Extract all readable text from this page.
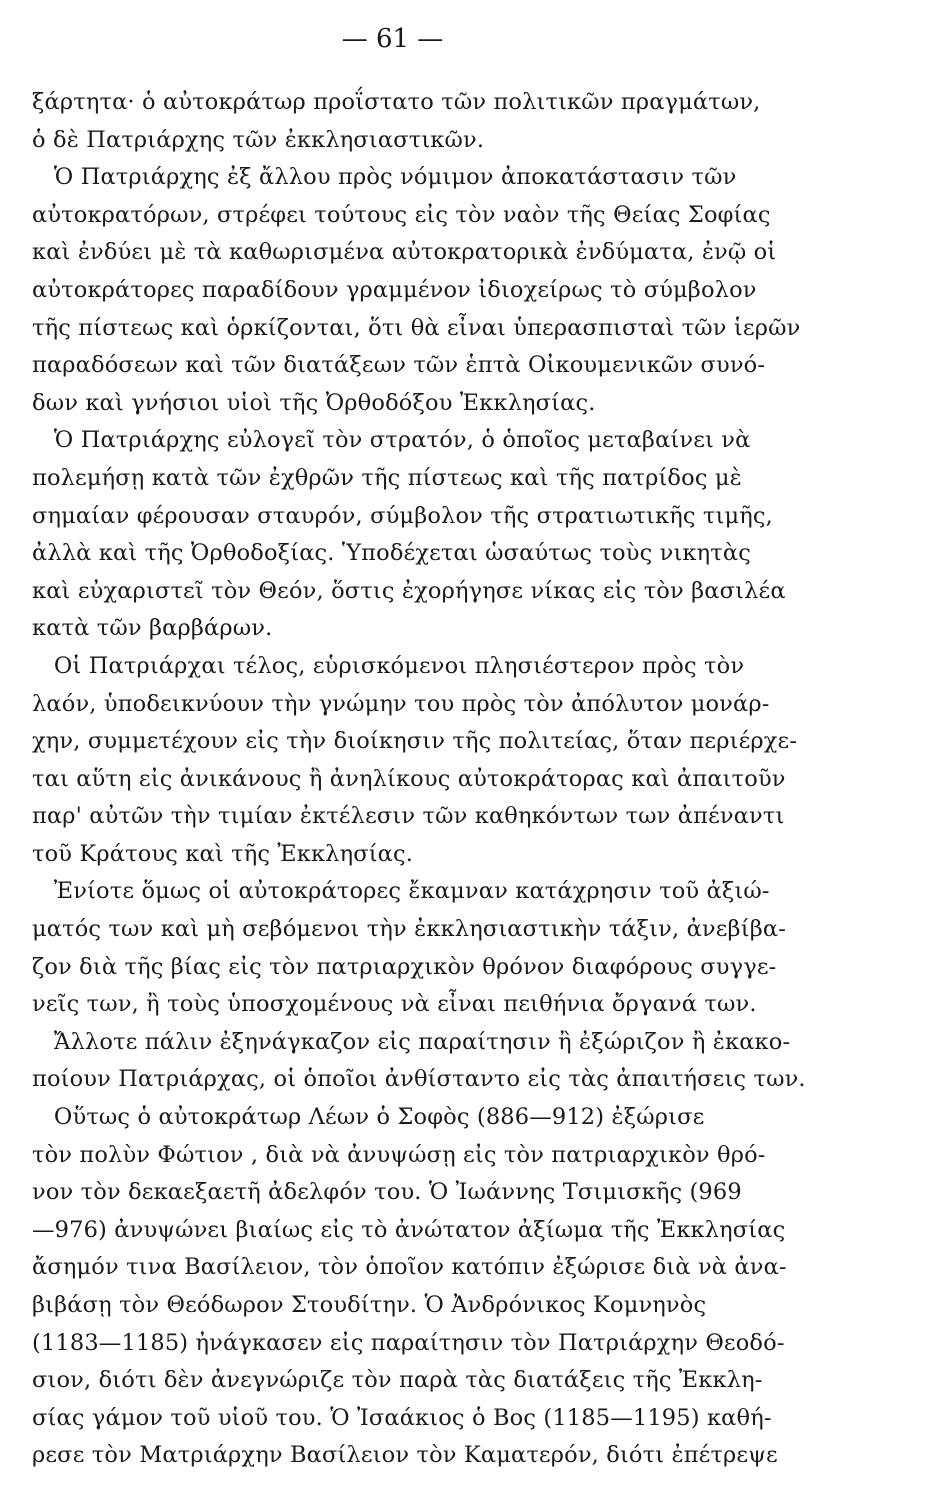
— 61 —
ξάρτητα· ὁ αὐτοκράτωρ προΐστατο τῶν πολιτικῶν πραγμάτων,
ὁ δὲ Πατριάρχης τῶν ἐκκλησιαστικῶν.
Ὁ Πατριάρχης ἐξ ἄλλου πρὸς νόμιμον ἀποκατάστασιν τῶν
αὐτοκρατόρων, στρέφει τούτους εἰς τὸν ναὸν τῆς Θείας Σοφίας
καὶ ἐνδύει μὲ τὰ καθωρισμένα αὐτοκρατορικὰ ἐνδύματα, ἐνῷ οἱ
αὐτοκράτορες παραδίδουν γραμμένον ἰδιοχείρως τὸ σύμβολον
τῆς πίστεως καὶ ὁρκίζονται, ὅτι θὰ εἶναι ὑπερασπισταὶ τῶν ἱερῶν
παραδόσεων καὶ τῶν διατάξεων τῶν ἑπτὰ Οἰκουμενικῶν συνό-
δων καὶ γνήσιοι υἱοὶ τῆς Ὀρθοδόξου Ἐκκλησίας.
Ὁ Πατριάρχης εὐλογεῖ τὸν στρατόν, ὁ ὁποῖος μεταβαίνει νὰ
πολεμήσῃ κατὰ τῶν ἐχθρῶν τῆς πίστεως καὶ τῆς πατρίδος μὲ
σημαίαν φέρουσαν σταυρόν, σύμβολον τῆς στρατιωτικῆς τιμῆς,
ἀλλὰ καὶ τῆς Ὀρθοδοξίας. Ὑποδέχεται ὡσαύτως τοὺς νικητὰς
καὶ εὐχαριστεῖ τὸν Θεόν, ὅστις ἐχορήγησε νίκας εἰς τὸν βασιλέα
κατὰ τῶν βαρβάρων.
Οἱ Πατριάρχαι τέλος, εὑρισκόμενοι πλησιέστερον πρὸς τὸν
λαόν, ὑποδεικνύουν τὴν γνώμην του πρὸς τὸν ἀπόλυτον μονάρ-
χην, συμμετέχουν εἰς τὴν διοίκησιν τῆς πολιτείας, ὅταν περιέρχε-
ται αὕτη εἰς ἀνικάνους ἢ ἀνηλίκους αὐτοκράτορας καὶ ἀπαιτοῦν
παρ' αὐτῶν τὴν τιμίαν ἐκτέλεσιν τῶν καθηκόντων των ἀπέναντι
τοῦ Κράτους καὶ τῆς Ἐκκλησίας.
Ἐνίοτε ὅμως οἱ αὐτοκράτορες ἔκαμναν κατάχρησιν τοῦ ἀξιώ-
ματός των καὶ μὴ σεβόμενοι τὴν ἐκκλησιαστικὴν τάξιν, ἀνεβίβα-
ζον διὰ τῆς βίας εἰς τὸν πατριαρχικὸν θρόνον διαφόρους συγγε-
νεῖς των, ἢ τοὺς ὑποσχομένους νὰ εἶναι πειθήνια ὄργανά των.
Ἄλλοτε πάλιν ἐξηνάγκαζον εἰς παραίτησιν ἢ ἐξώριζον ἢ ἐκακο-
ποίουν Πατριάρχας, οἱ ὁποῖοι ἀνθίσταντο εἰς τὰς ἀπαιτήσεις των.
Οὕτως ὁ αὐτοκράτωρ Λέων ὁ Σοφὸς (886—912) ἐξώρισε
τὸν πολὺν Φώτιον , διὰ νὰ ἀνυψώσῃ εἰς τὸν πατριαρχικὸν θρό-
νον τὸν δεκαεξαετῆ ἀδελφόν του. Ὁ Ἰωάννης Τσιμισκῆς (969
—976) ἀνυψώνει βιαίως εἰς τὸ ἀνώτατον ἀξίωμα τῆς Ἐκκλησίας
ἄσημόν τινα Βασίλειον, τὸν ὁποῖον κατόπιν ἐξώρισε διὰ νὰ ἀνα-
βιβάσῃ τὸν Θεόδωρον Στουδίτην. Ὁ Ἀνδρόνικος Κομνηνὸς
(1183—1185) ἠνάγκασεν εἰς παραίτησιν τὸν Πατριάρχην Θεοδό-
σιον, διότι δὲν ἀνεγνώριζε τὸν παρὰ τὰς διατάξεις τῆς Ἐκκλη-
σίας γάμον τοῦ υἱοῦ του. Ὁ Ἰσαάκιος ὁ Βος (1185—1195) καθή-
ρεσε τὸν Ματριάρχην Βασίλειον τὸν Καματερόν, διότι ἐπέτρεψε
